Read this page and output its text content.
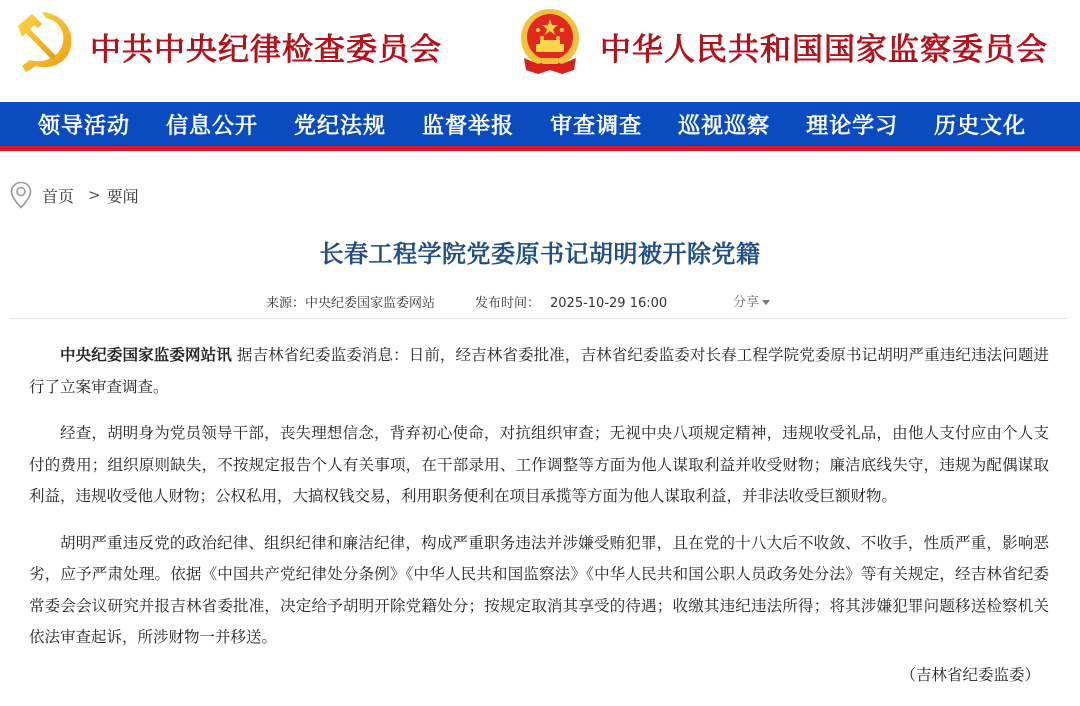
中共中央纪律检查委员会	中华人民共和国国家监察委员会
领导活动 信息公开 党纪法规 监督举报 审查调查 巡视巡察 理论学习 历史文化
首页 > 要闻
长春工程学院党委原书记胡明被开除党籍
来源：中央纪委国家监委网站	发布时间： 2025-10-29 16:00	分享

中央纪委国家监委网站讯 据吉林省纪委监委消息：日前，经吉林省委批准，吉林省纪委监委对长春工程学院党委原书记胡明严重违纪违法问题进行了立案审查调查。

经查，胡明身为党员领导干部，丧失理想信念，背弃初心使命，对抗组织审查；无视中央八项规定精神，违规收受礼品，由他人支付应由个人支付的费用；组织原则缺失，不按规定报告个人有关事项，在干部录用、工作调整等方面为他人谋取利益并收受财物；廉洁底线失守，违规为配偶谋取利益，违规收受他人财物；公权私用，大搞权钱交易，利用职务便利在项目承揽等方面为他人谋取利益，并非法收受巨额财物。

胡明严重违反党的政治纪律、组织纪律和廉洁纪律，构成严重职务违法并涉嫌受贿犯罪，且在党的十八大后不收敛、不收手，性质严重，影响恶劣，应予严肃处理。依据《中国共产党纪律处分条例》《中华人民共和国监察法》《中华人民共和国公职人员政务处分法》等有关规定，经吉林省纪委常委会会议研究并报吉林省委批准，决定给予胡明开除党籍处分；按规定取消其享受的待遇；收缴其违纪违法所得；将其涉嫌犯罪问题移送检察机关依法审查起诉，所涉财物一并移送。

（吉林省纪委监委）
